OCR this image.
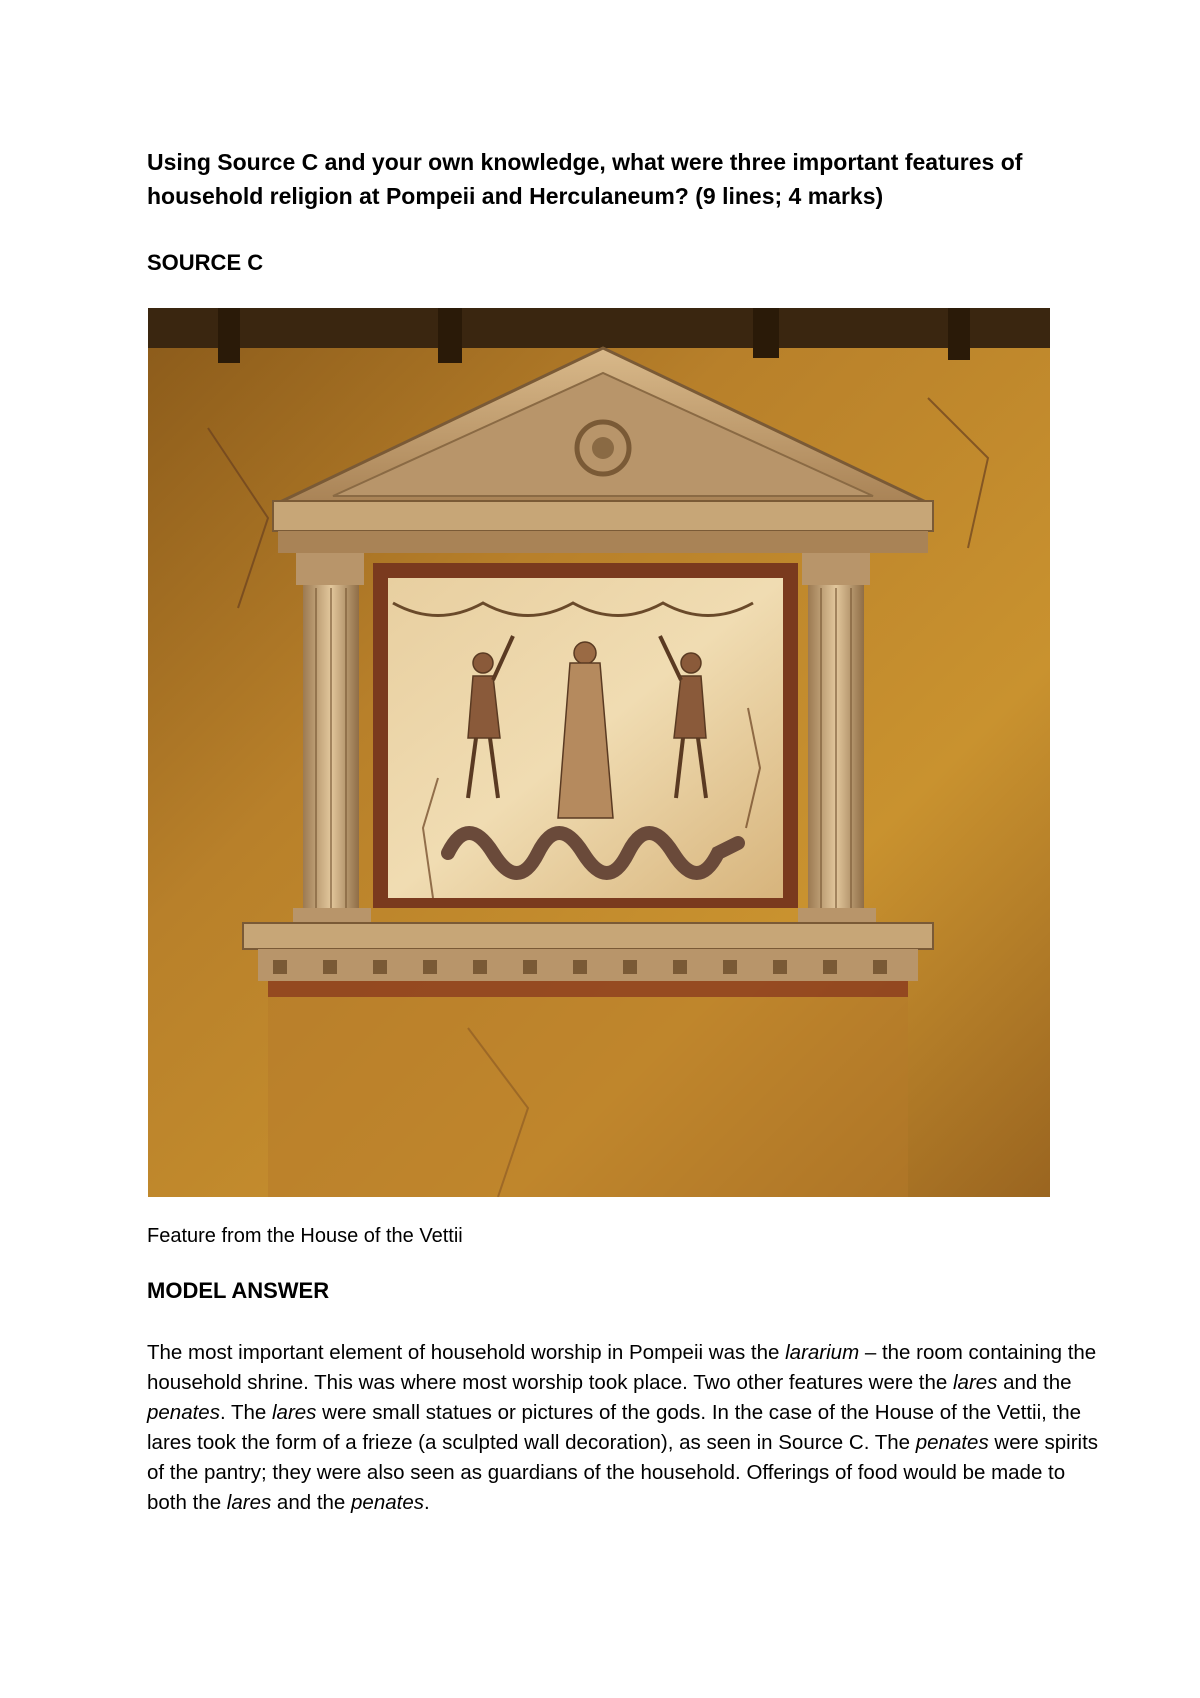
Using Source C and your own knowledge, what were three important features of household religion at Pompeii and Herculaneum? (9 lines; 4 marks)

SOURCE C

Feature from the House of the Vettii

MODEL ANSWER

The most important element of household worship in Pompeii was the lararium – the room containing the household shrine. This was where most worship took place. Two other features were the lares and the penates. The lares were small statues or pictures of the gods. In the case of the House of the Vettii, the lares took the form of a frieze (a sculpted wall decoration), as seen in Source C. The penates were spirits of the pantry; they were also seen as guardians of the household. Offerings of food would be made to both the lares and the penates.
